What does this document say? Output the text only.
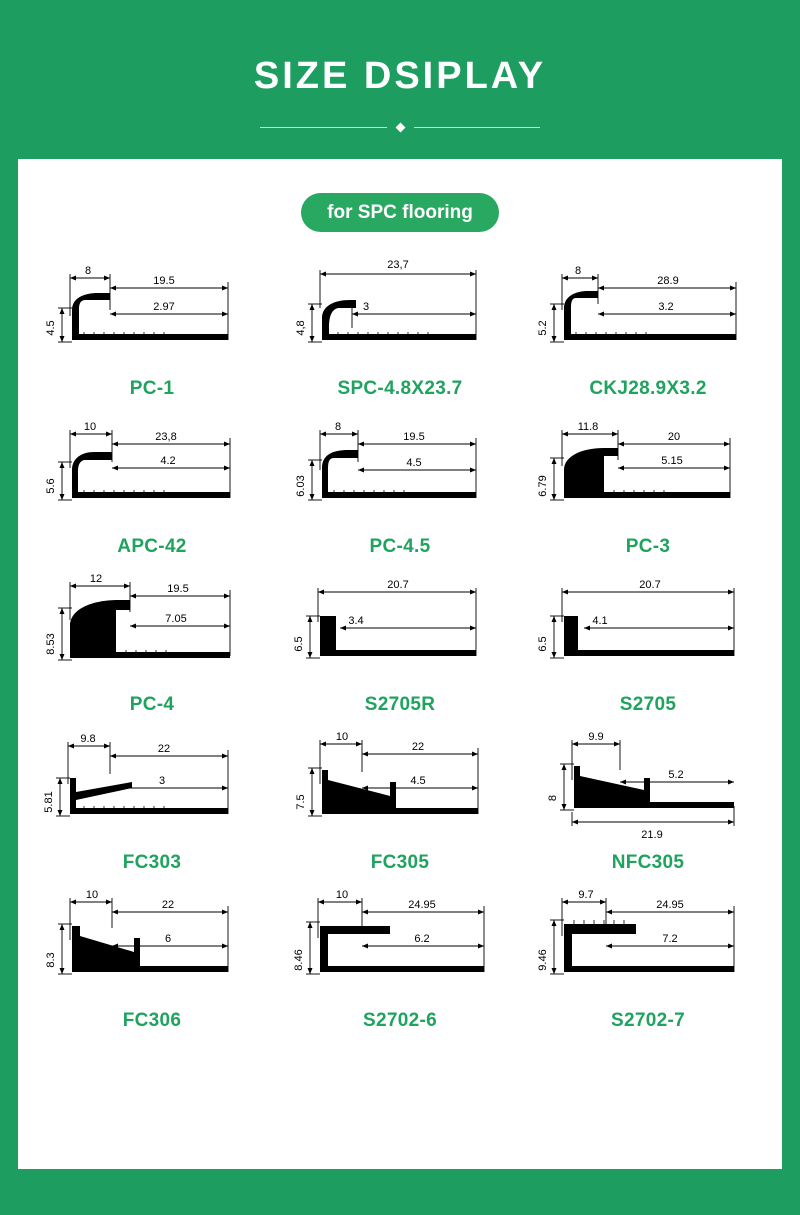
SIZE DSIPLAY
for SPC flooring
8
19.5
4.5
2.97
PC-1
23,7
4,8
3
SPC-4.8X23.7
8
28.9
5.2
3.2
CKJ28.9X3.2
10
23,8
5.6
4.2
APC-42
8
19.5
6.03
4.5
PC-4.5
11.8
20
6.79
5.15
PC-3
12
19.5
8.53
7.05
PC-4
20.7
6.5
3.4
S2705R
20.7
6.5
4.1
S2705
9.8
22
5.81
3
FC303
10
22
7.5
4.5
FC305
9.9
8
5.2
21.9
NFC305
10
22
8.3
6
FC306
10
24.95
8.46
6.2
S2702-6
9.7
24.95
9.46
7.2
S2702-7
